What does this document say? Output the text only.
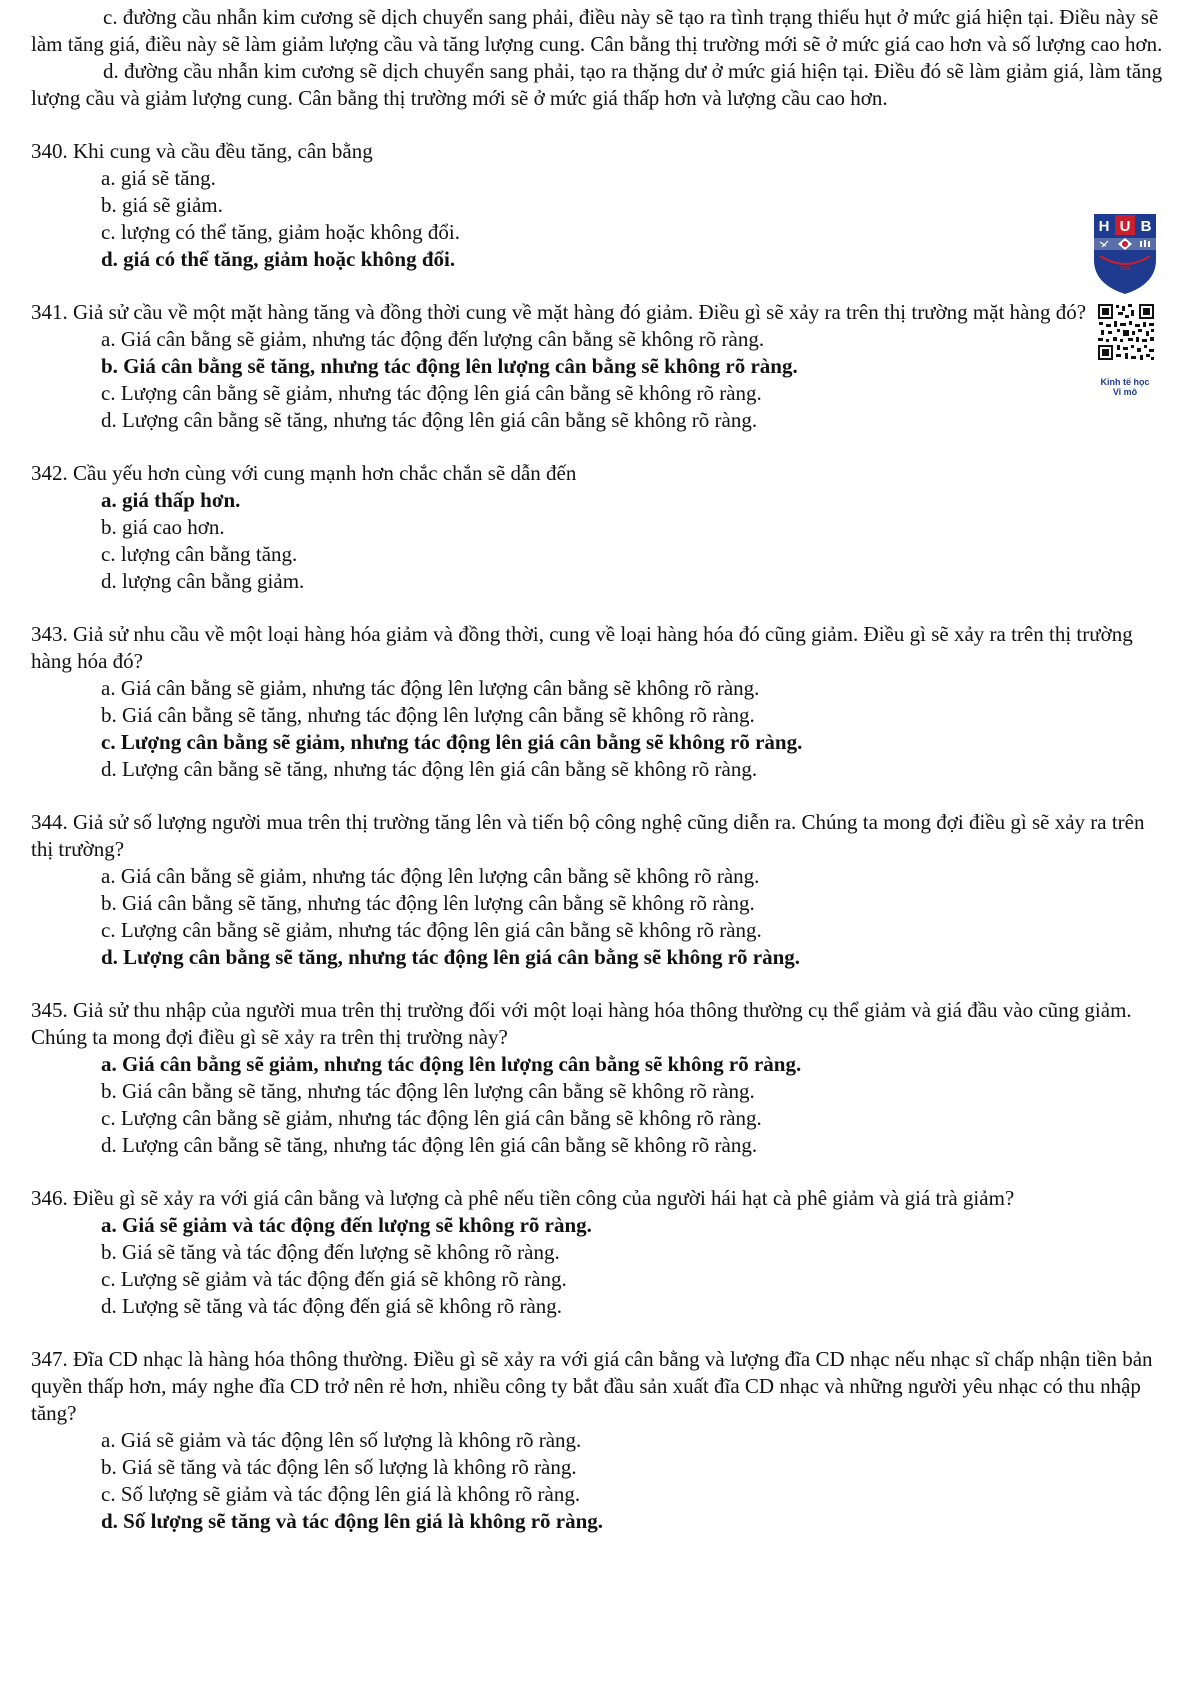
H U B
1976
Kinh tế học
Vi mô

c. đường cầu nhẫn kim cương sẽ dịch chuyển sang phải, điều này sẽ tạo ra tình trạng thiếu hụt ở mức giá hiện tại. Điều này sẽ làm tăng giá, điều này sẽ làm giảm lượng cầu và tăng lượng cung. Cân bằng thị trường mới sẽ ở mức giá cao hơn và số lượng cao hơn.

d. đường cầu nhẫn kim cương sẽ dịch chuyển sang phải, tạo ra thặng dư ở mức giá hiện tại. Điều đó sẽ làm giảm giá, làm tăng lượng cầu và giảm lượng cung. Cân bằng thị trường mới sẽ ở mức giá thấp hơn và lượng cầu cao hơn.

340. Khi cung và cầu đều tăng, cân bằng

a. giá sẽ tăng.

b. giá sẽ giảm.

c. lượng có thể tăng, giảm hoặc không đổi.

d. giá có thể tăng, giảm hoặc không đổi.

341. Giả sử cầu về một mặt hàng tăng và đồng thời cung về mặt hàng đó giảm. Điều gì sẽ xảy ra trên thị trường mặt hàng đó?

a. Giá cân bằng sẽ giảm, nhưng tác động đến lượng cân bằng sẽ không rõ ràng.

b. Giá cân bằng sẽ tăng, nhưng tác động lên lượng cân bằng sẽ không rõ ràng.

c. Lượng cân bằng sẽ giảm, nhưng tác động lên giá cân bằng sẽ không rõ ràng.

d. Lượng cân bằng sẽ tăng, nhưng tác động lên giá cân bằng sẽ không rõ ràng.

342. Cầu yếu hơn cùng với cung mạnh hơn chắc chắn sẽ dẫn đến

a. giá thấp hơn.

b. giá cao hơn.

c. lượng cân bằng tăng.

d. lượng cân bằng giảm.

343. Giả sử nhu cầu về một loại hàng hóa giảm và đồng thời, cung về loại hàng hóa đó cũng giảm. Điều gì sẽ xảy ra trên thị trường hàng hóa đó?

a. Giá cân bằng sẽ giảm, nhưng tác động lên lượng cân bằng sẽ không rõ ràng.

b. Giá cân bằng sẽ tăng, nhưng tác động lên lượng cân bằng sẽ không rõ ràng.

c. Lượng cân bằng sẽ giảm, nhưng tác động lên giá cân bằng sẽ không rõ ràng.

d. Lượng cân bằng sẽ tăng, nhưng tác động lên giá cân bằng sẽ không rõ ràng.

344. Giả sử số lượng người mua trên thị trường tăng lên và tiến bộ công nghệ cũng diễn ra. Chúng ta mong đợi điều gì sẽ xảy ra trên thị trường?

a. Giá cân bằng sẽ giảm, nhưng tác động lên lượng cân bằng sẽ không rõ ràng.

b. Giá cân bằng sẽ tăng, nhưng tác động lên lượng cân bằng sẽ không rõ ràng.

c. Lượng cân bằng sẽ giảm, nhưng tác động lên giá cân bằng sẽ không rõ ràng.

d. Lượng cân bằng sẽ tăng, nhưng tác động lên giá cân bằng sẽ không rõ ràng.

345. Giả sử thu nhập của người mua trên thị trường đối với một loại hàng hóa thông thường cụ thể giảm và giá đầu vào cũng giảm. Chúng ta mong đợi điều gì sẽ xảy ra trên thị trường này?

a. Giá cân bằng sẽ giảm, nhưng tác động lên lượng cân bằng sẽ không rõ ràng.

b. Giá cân bằng sẽ tăng, nhưng tác động lên lượng cân bằng sẽ không rõ ràng.

c. Lượng cân bằng sẽ giảm, nhưng tác động lên giá cân bằng sẽ không rõ ràng.

d. Lượng cân bằng sẽ tăng, nhưng tác động lên giá cân bằng sẽ không rõ ràng.

346. Điều gì sẽ xảy ra với giá cân bằng và lượng cà phê nếu tiền công của người hái hạt cà phê giảm và giá trà giảm?

a. Giá sẽ giảm và tác động đến lượng sẽ không rõ ràng.

b. Giá sẽ tăng và tác động đến lượng sẽ không rõ ràng.

c. Lượng sẽ giảm và tác động đến giá sẽ không rõ ràng.

d. Lượng sẽ tăng và tác động đến giá sẽ không rõ ràng.

347. Đĩa CD nhạc là hàng hóa thông thường. Điều gì sẽ xảy ra với giá cân bằng và lượng đĩa CD nhạc nếu nhạc sĩ chấp nhận tiền bản quyền thấp hơn, máy nghe đĩa CD trở nên rẻ hơn, nhiều công ty bắt đầu sản xuất đĩa CD nhạc và những người yêu nhạc có thu nhập tăng?

a. Giá sẽ giảm và tác động lên số lượng là không rõ ràng.

b. Giá sẽ tăng và tác động lên số lượng là không rõ ràng.

c. Số lượng sẽ giảm và tác động lên giá là không rõ ràng.

d. Số lượng sẽ tăng và tác động lên giá là không rõ ràng.
